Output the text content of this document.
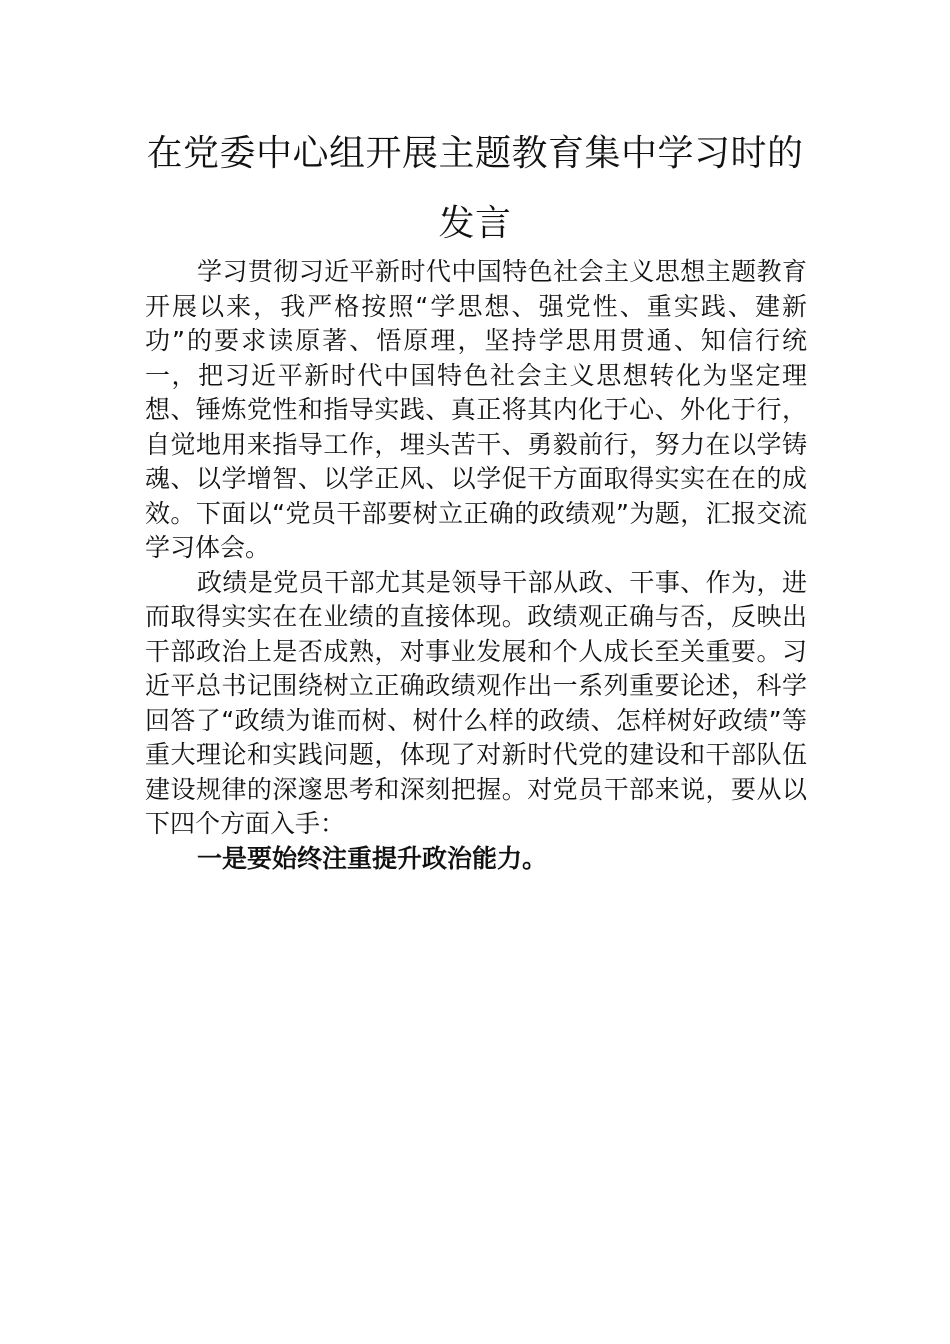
在党委中心组开展主题教育集中学习时的
发言

学习贯彻习近平新时代中国特色社会主义思想主题教育开展以来，我严格按照“学思想、强党性、重实践、建新功”的要求读原著、悟原理，坚持学思用贯通、知信行统一，把习近平新时代中国特色社会主义思想转化为坚定理想、锤炼党性和指导实践、真正将其内化于心、外化于行，自觉地用来指导工作，埋头苦干、勇毅前行，努力在以学铸魂、以学增智、以学正风、以学促干方面取得实实在在的成效。下面以“党员干部要树立正确的政绩观”为题，汇报交流学习体会。

政绩是党员干部尤其是领导干部从政、干事、作为，进而取得实实在在业绩的直接体现。政绩观正确与否，反映出干部政治上是否成熟，对事业发展和个人成长至关重要。习近平总书记围绕树立正确政绩观作出一系列重要论述，科学回答了“政绩为谁而树、树什么样的政绩、怎样树好政绩”等重大理论和实践问题，体现了对新时代党的建设和干部队伍建设规律的深邃思考和深刻把握。对党员干部来说，要从以下四个方面入手：

一是要始终注重提升政治能力。
